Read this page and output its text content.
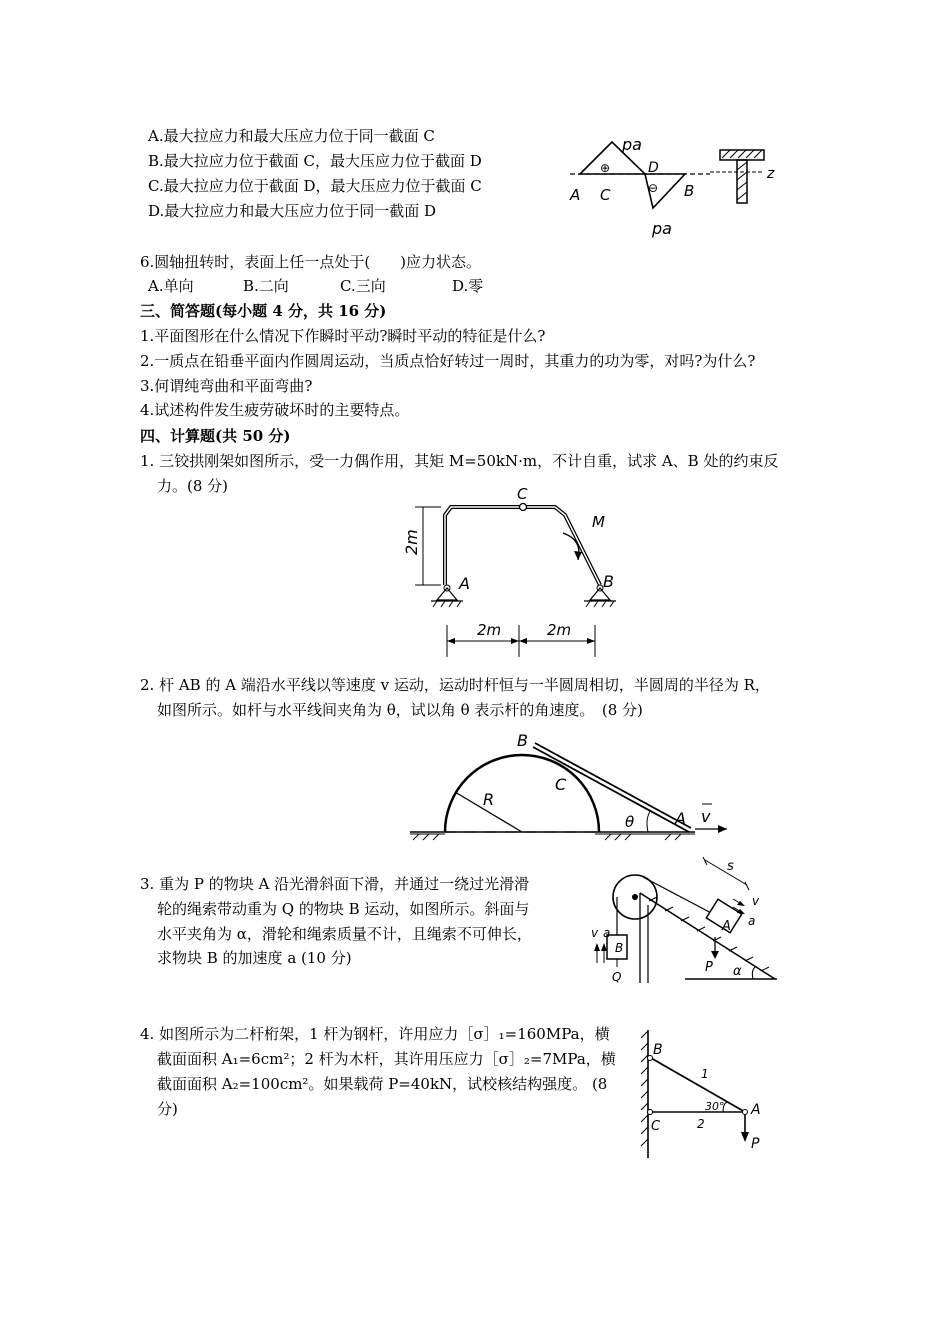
A.最大拉应力和最大压应力位于同一截面 C
B.最大拉应力位于截面 C，最大压应力位于截面 D
C.最大拉应力位于截面 D，最大压应力位于截面 C
D.最大拉应力和最大压应力位于同一截面 D
pa
⊕
⊖
A C
D
B
pa
z
6.圆轴扭转时，表面上任一点处于(　　)应力状态。
A.单向	B.二向	C.三向	D.零
三、简答题(每小题 4 分，共 16 分)
1.平面图形在什么情况下作瞬时平动?瞬时平动的特征是什么?
2.一质点在铅垂平面内作圆周运动，当质点恰好转过一周时，其重力的功为零，对吗?为什么?
3.何谓纯弯曲和平面弯曲?
4.试述构件发生疲劳破坏时的主要特点。
四、计算题(共 50 分)
1. 三铰拱刚架如图所示，受一力偶作用，其矩 M=50kN·m，不计自重，试求 A、B 处的约束反
力。(8 分)	C
M
A	B
2m
2m	2m
2. 杆 AB 的 A 端沿水平线以等速度 v 运动，运动时杆恒与一半圆周相切，半圆周的半径为 R，
如图所示。如杆与水平线间夹角为 θ，试以角 θ 表示杆的角速度。　(8 分)
R
B
C
θ	A v
3. 重为 P 的物块 A 沿光滑斜面下滑，并通过一绕过光滑滑
轮的绳索带动重为 Q 的物块 B 运动，如图所示。斜面与
水平夹角为 α，滑轮和绳索质量不计，且绳索不可伸长，
求物块 B 的加速度 a (10 分)
A
P α
s
v
a
B
Q
v a
4. 如图所示为二杆桁架，1 杆为钢杆，许用应力［σ］₁=160MPa，横
截面面积 A₁=6cm²；2 杆为木杆，其许用压应力［σ］₂=7MPa，横
截面面积 A₂=100cm²。如果载荷 P=40kN，试校核结构强度。 (8
分)
B
1
30° A
C	2
P
